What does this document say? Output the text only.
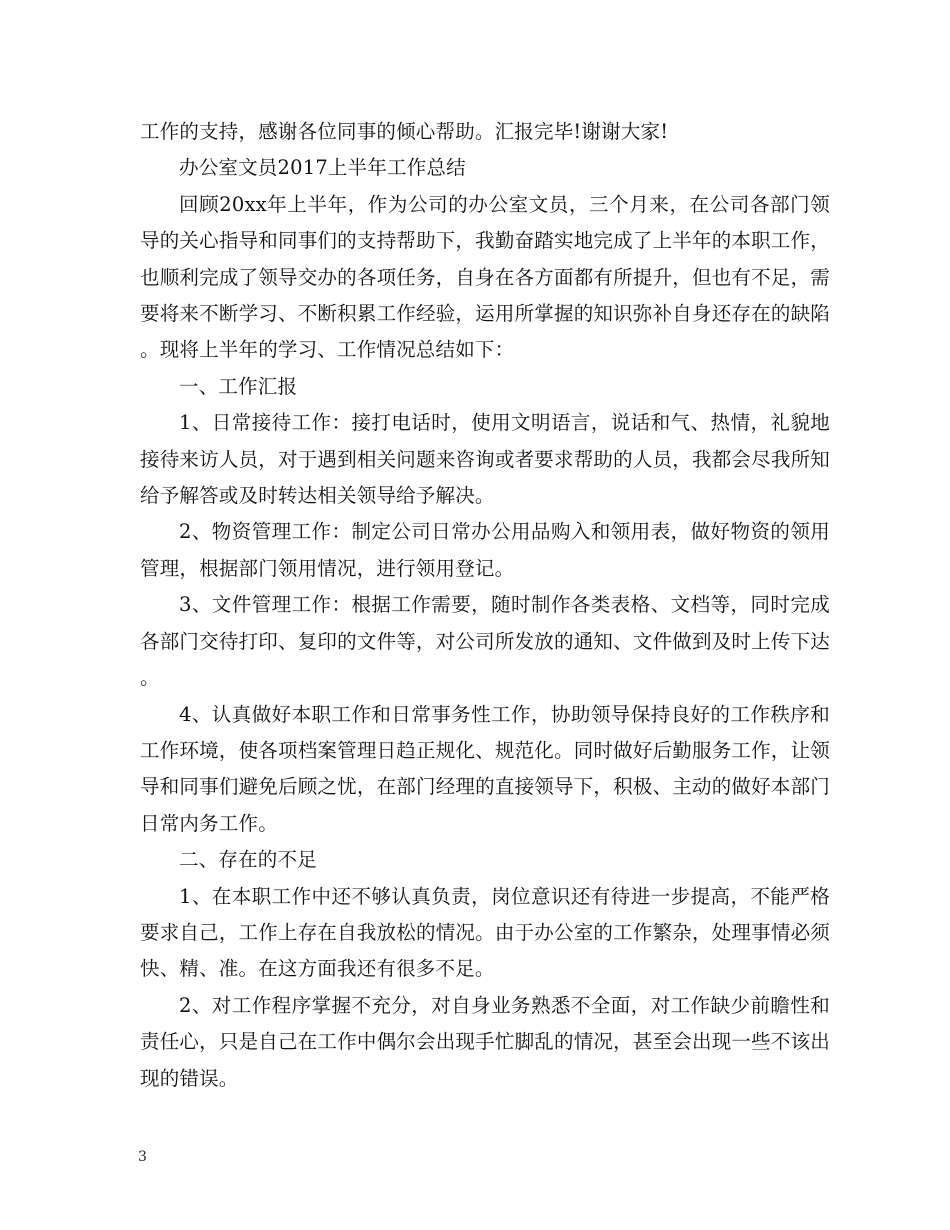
工作的支持，感谢各位同事的倾心帮助。汇报完毕!谢谢大家!

办公室文员2017上半年工作总结

回顾20xx年上半年，作为公司的办公室文员，三个月来，在公司各部门领导的关心指导和同事们的支持帮助下，我勤奋踏实地完成了上半年的本职工作，也顺利完成了领导交办的各项任务，自身在各方面都有所提升，但也有不足，需要将来不断学习、不断积累工作经验，运用所掌握的知识弥补自身还存在的缺陷。现将上半年的学习、工作情况总结如下：

一、工作汇报

1、日常接待工作：接打电话时，使用文明语言，说话和气、热情，礼貌地接待来访人员，对于遇到相关问题来咨询或者要求帮助的人员，我都会尽我所知给予解答或及时转达相关领导给予解决。

2、物资管理工作：制定公司日常办公用品购入和领用表，做好物资的领用管理，根据部门领用情况，进行领用登记。

3、文件管理工作：根据工作需要，随时制作各类表格、文档等，同时完成各部门交待打印、复印的文件等，对公司所发放的通知、文件做到及时上传下达。

4、认真做好本职工作和日常事务性工作，协助领导保持良好的工作秩序和工作环境，使各项档案管理日趋正规化、规范化。同时做好后勤服务工作，让领导和同事们避免后顾之忧，在部门经理的直接领导下，积极、主动的做好本部门日常内务工作。

二、存在的不足

1、在本职工作中还不够认真负责，岗位意识还有待进一步提高，不能严格要求自己，工作上存在自我放松的情况。由于办公室的工作繁杂，处理事情必须快、精、准。在这方面我还有很多不足。

2、对工作程序掌握不充分，对自身业务熟悉不全面，对工作缺少前瞻性和责任心，只是自己在工作中偶尔会出现手忙脚乱的情况，甚至会出现一些不该出现的错误。

3
